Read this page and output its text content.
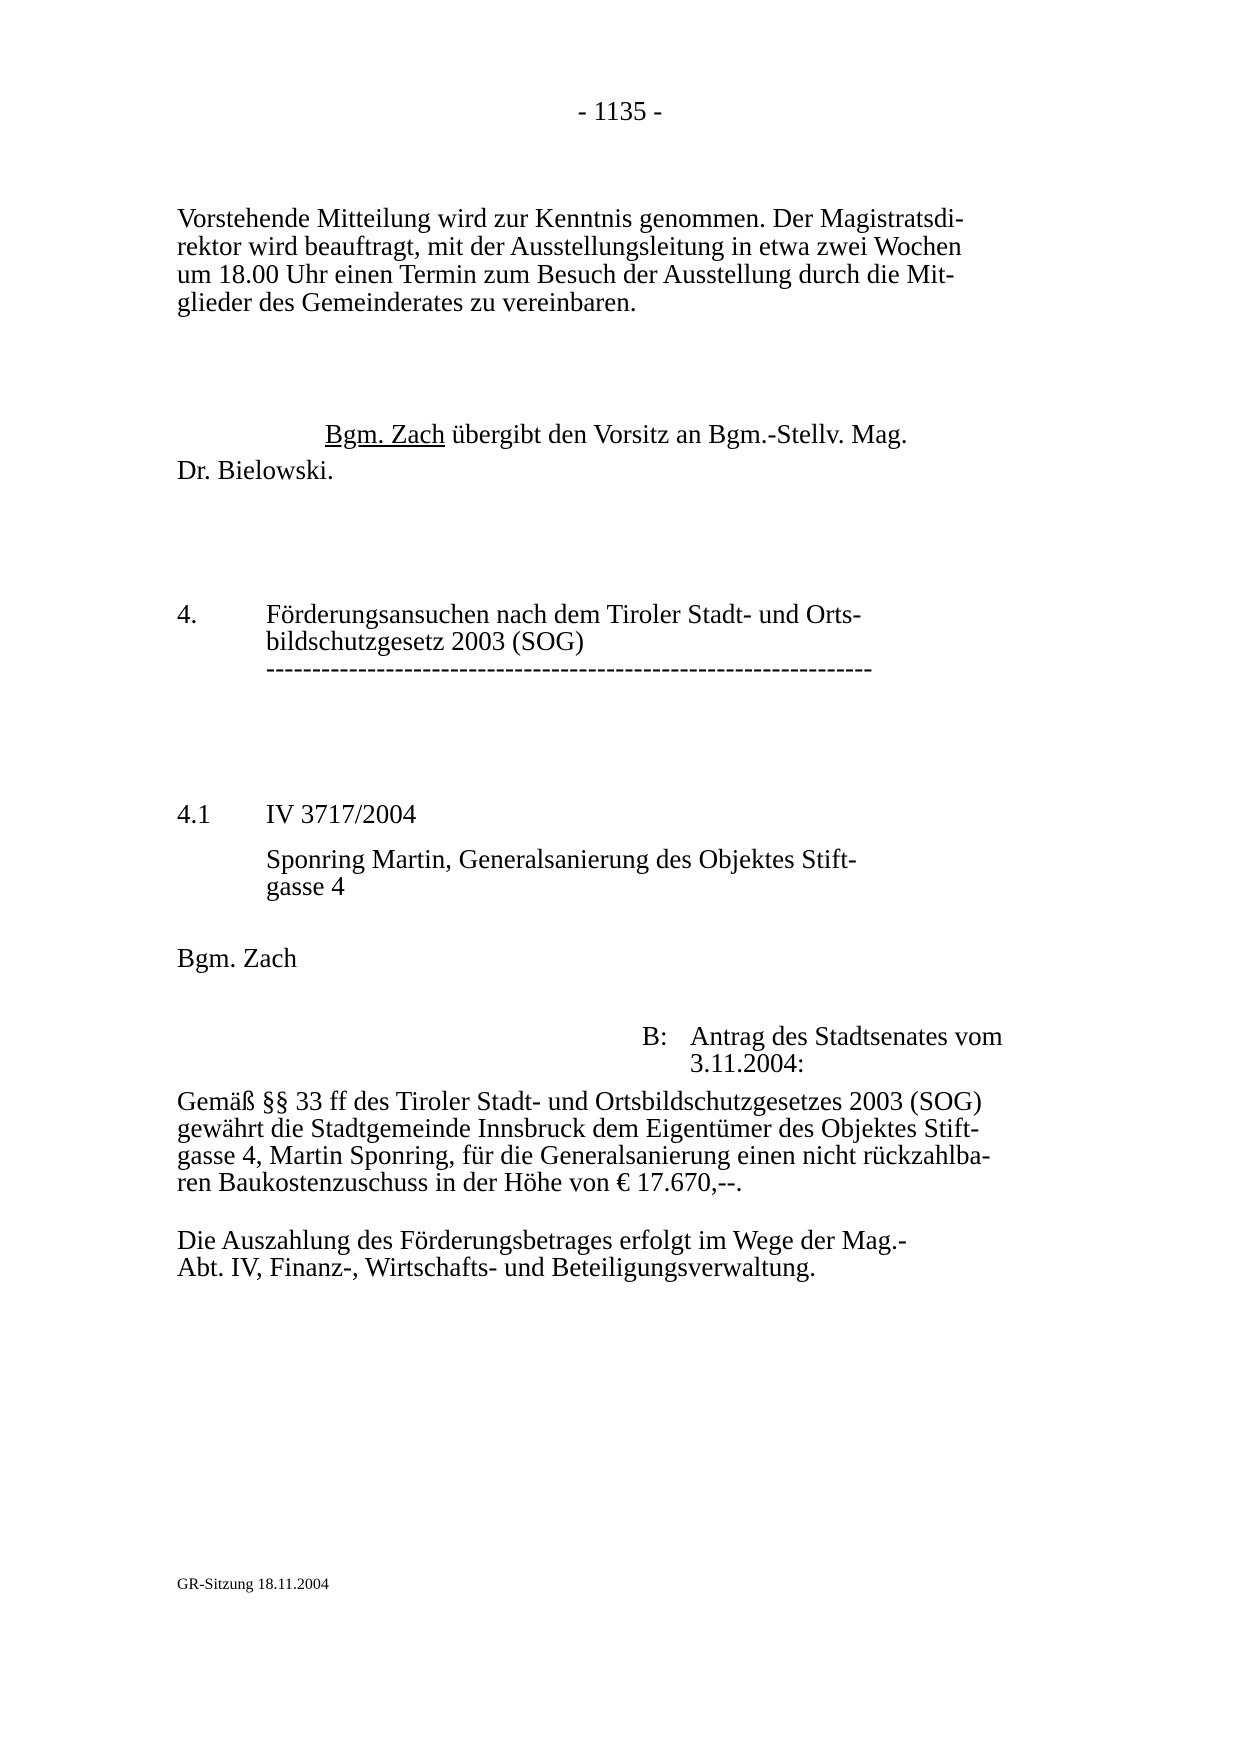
- 1135 -
Vorstehende Mitteilung wird zur Kenntnis genommen. Der Magistratsdi-
rektor wird beauftragt, mit der Ausstellungsleitung in etwa zwei Wochen
um 18.00 Uhr einen Termin zum Besuch der Ausstellung durch die Mit-
glieder des Gemeinderates zu vereinbaren.
Bgm. Zach übergibt den Vorsitz an Bgm.-Stellv. Mag.
Dr. Bielowski.
4.	Förderungsansuchen nach dem Tiroler Stadt- und Orts-
bildschutzgesetz 2003 (SOG)
------------------------------------------------------------------
4.1 IV 3717/2004
Sponring Martin, Generalsanierung des Objektes Stift-
gasse 4
Bgm. Zach
B: Antrag des Stadtsenates vom
3.11.2004:
Gemäß §§ 33 ff des Tiroler Stadt- und Ortsbildschutzgesetzes 2003 (SOG)
gewährt die Stadtgemeinde Innsbruck dem Eigentümer des Objektes Stift-
gasse 4, Martin Sponring, für die Generalsanierung einen nicht rückzahlba-
ren Baukostenzuschuss in der Höhe von € 17.670,--.
Die Auszahlung des Förderungsbetrages erfolgt im Wege der Mag.-
Abt. IV, Finanz-, Wirtschafts- und Beteiligungsverwaltung.
GR-Sitzung 18.11.2004
